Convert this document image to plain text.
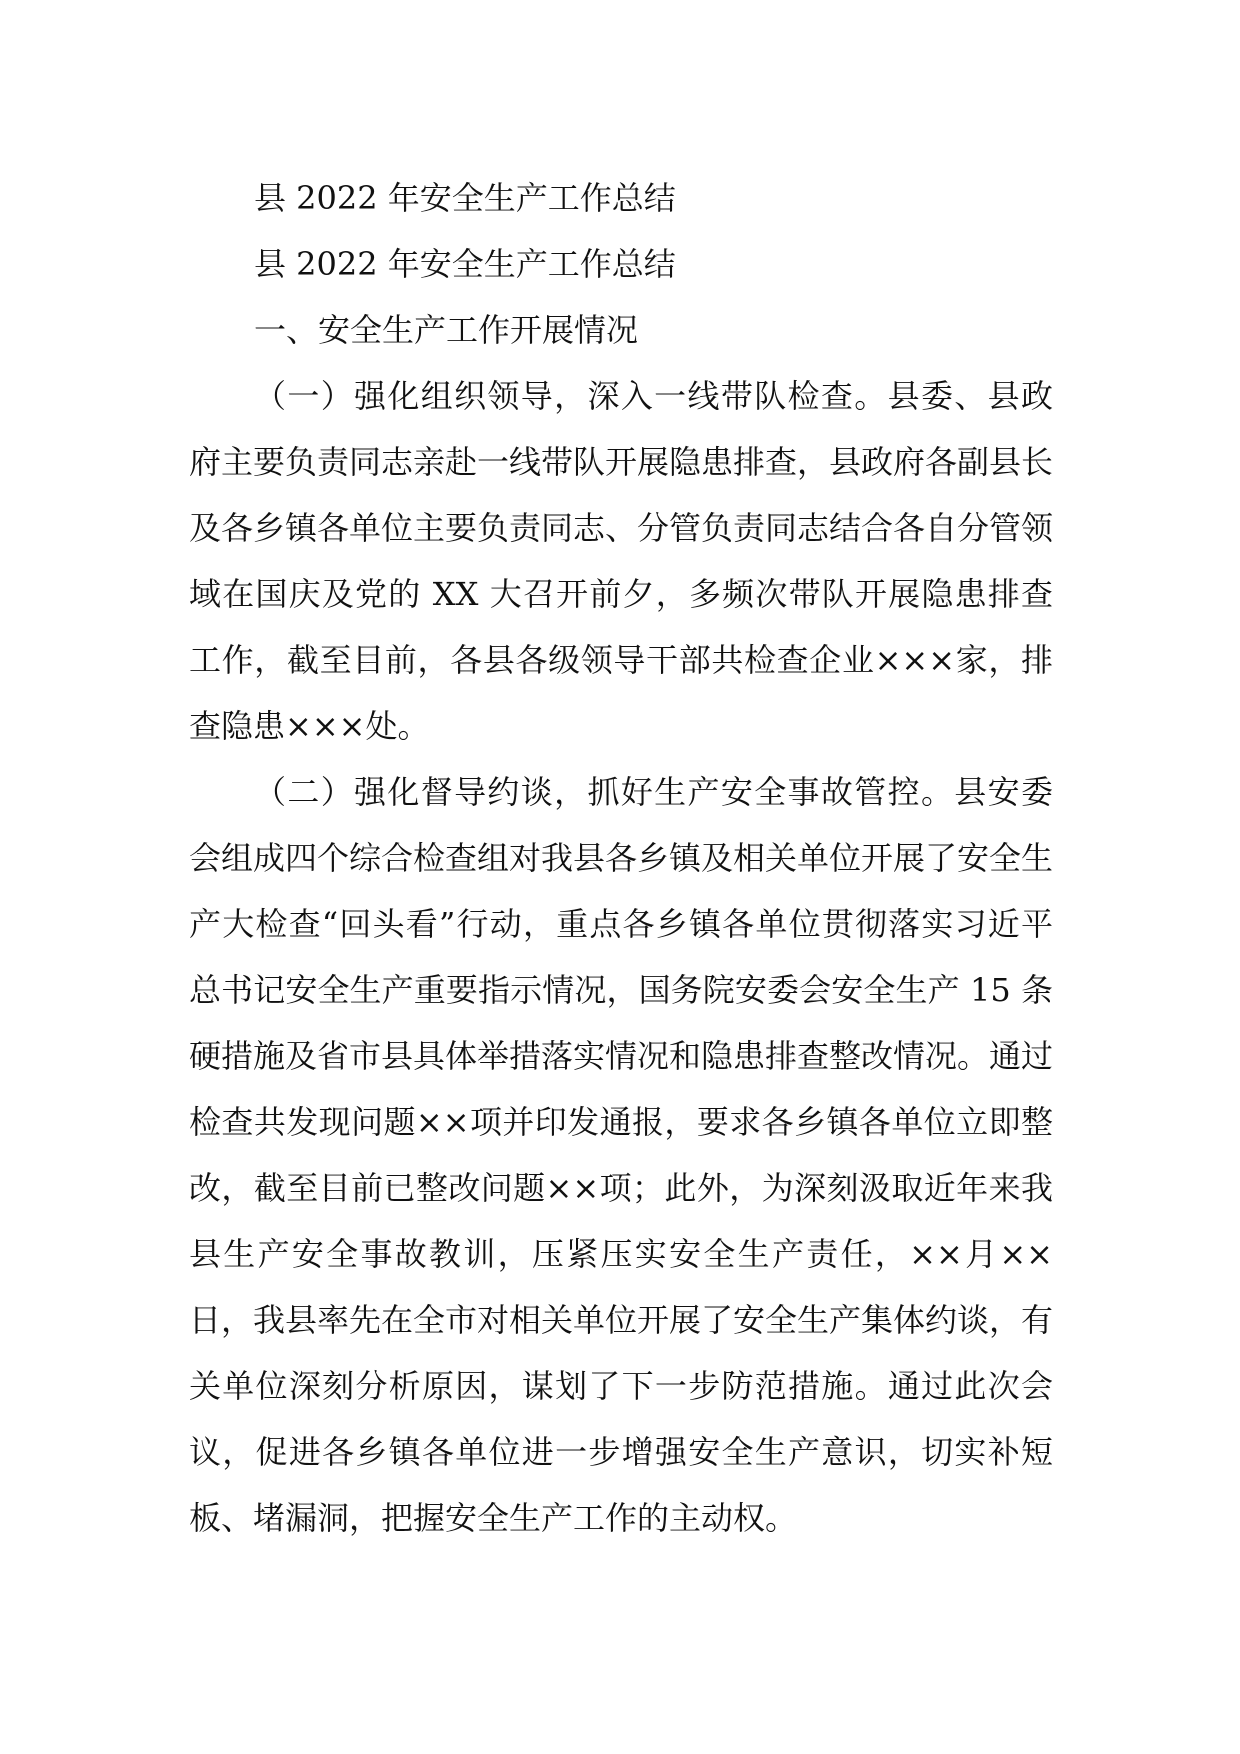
县 2022 年安全生产工作总结

县 2022 年安全生产工作总结

一、安全生产工作开展情况

（一）强化组织领导，深入一线带队检查。县委、县政府主要负责同志亲赴一线带队开展隐患排查，县政府各副县长及各乡镇各单位主要负责同志、分管负责同志结合各自分管领域在国庆及党的 XX 大召开前夕，多频次带队开展隐患排查工作，截至目前，各县各级领导干部共检查企业×××家，排查隐患×××处。

（二）强化督导约谈，抓好生产安全事故管控。县安委会组成四个综合检查组对我县各乡镇及相关单位开展了安全生产大检查“回头看”行动，重点各乡镇各单位贯彻落实习近平总书记安全生产重要指示情况，国务院安委会安全生产 15 条硬措施及省市县具体举措落实情况和隐患排查整改情况。通过检查共发现问题××项并印发通报，要求各乡镇各单位立即整改，截至目前已整改问题××项；此外，为深刻汲取近年来我县生产安全事故教训，压紧压实安全生产责任，××月××日，我县率先在全市对相关单位开展了安全生产集体约谈，有关单位深刻分析原因，谋划了下一步防范措施。通过此次会议，促进各乡镇各单位进一步增强安全生产意识，切实补短板、堵漏洞，把握安全生产工作的主动权。
